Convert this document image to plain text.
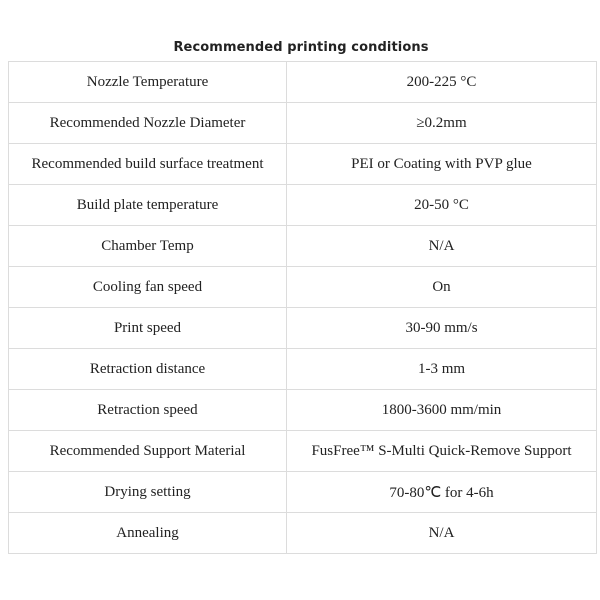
Recommended printing conditions
Nozzle Temperature	200-225 °C
Recommended Nozzle Diameter	≥0.2mm
Recommended build surface treatment	PEI or Coating with PVP glue
Build plate temperature	20-50 °C
Chamber Temp	N/A
Cooling fan speed	On
Print speed	30-90 mm/s
Retraction distance	1-3 mm
Retraction speed	1800-3600 mm/min
Recommended Support Material	FusFree™ S-Multi Quick-Remove Support
Drying setting	70-80℃ for 4-6h
Annealing	N/A
